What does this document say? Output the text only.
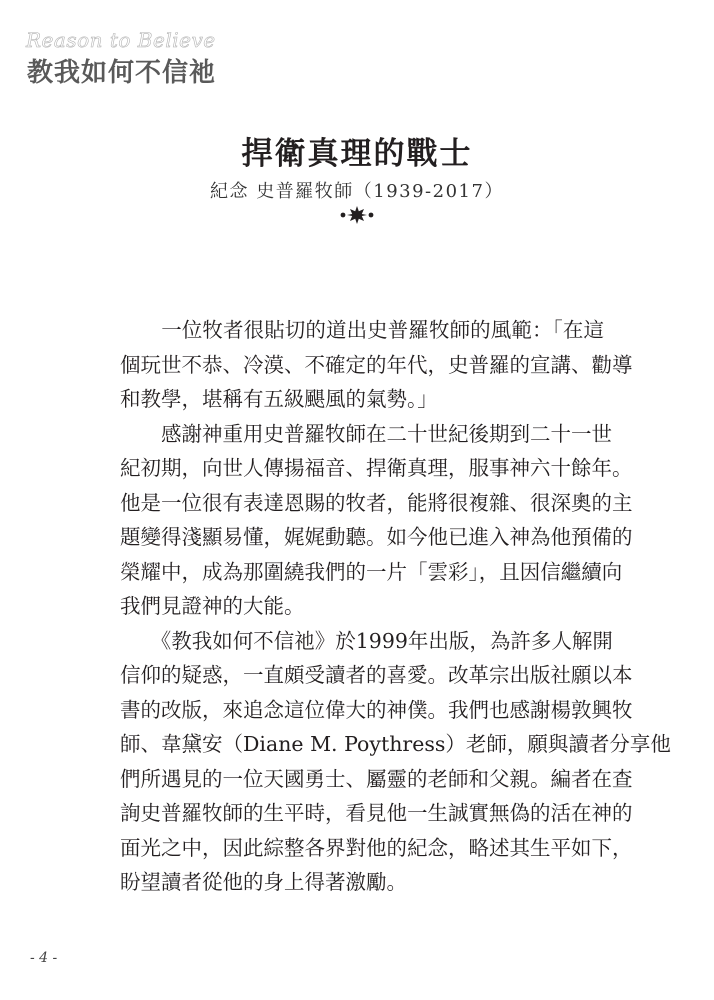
Reason to Believe
教我如何不信祂
捍衛真理的戰士
紀念 史普羅牧師（1939-2017）
　　一位牧者很貼切的道出史普羅牧師的風範：「在這
個玩世不恭、冷漠、不確定的年代，史普羅的宣講、勸導
和教學，堪稱有五級颶風的氣勢。」
　　感謝神重用史普羅牧師在二十世紀後期到二十一世
紀初期，向世人傳揚福音、捍衛真理，服事神六十餘年。
他是一位很有表達恩賜的牧者，能將很複雜、很深奧的主
題變得淺顯易懂，娓娓動聽。如今他已進入神為他預備的
榮耀中，成為那圍繞我們的一片「雲彩」，且因信繼續向
我們見證神的大能。
　　《教我如何不信祂》於1999年出版，為許多人解開
信仰的疑惑，一直頗受讀者的喜愛。改革宗出版社願以本
書的改版，來追念這位偉大的神僕。我們也感謝楊敦興牧
師、韋黛安（Diane M. Poythress）老師，願與讀者分享他
們所遇見的一位天國勇士、屬靈的老師和父親。編者在查
詢史普羅牧師的生平時，看見他一生誠實無偽的活在神的
面光之中，因此綜整各界對他的紀念，略述其生平如下，
盼望讀者從他的身上得著激勵。
- 4 -
